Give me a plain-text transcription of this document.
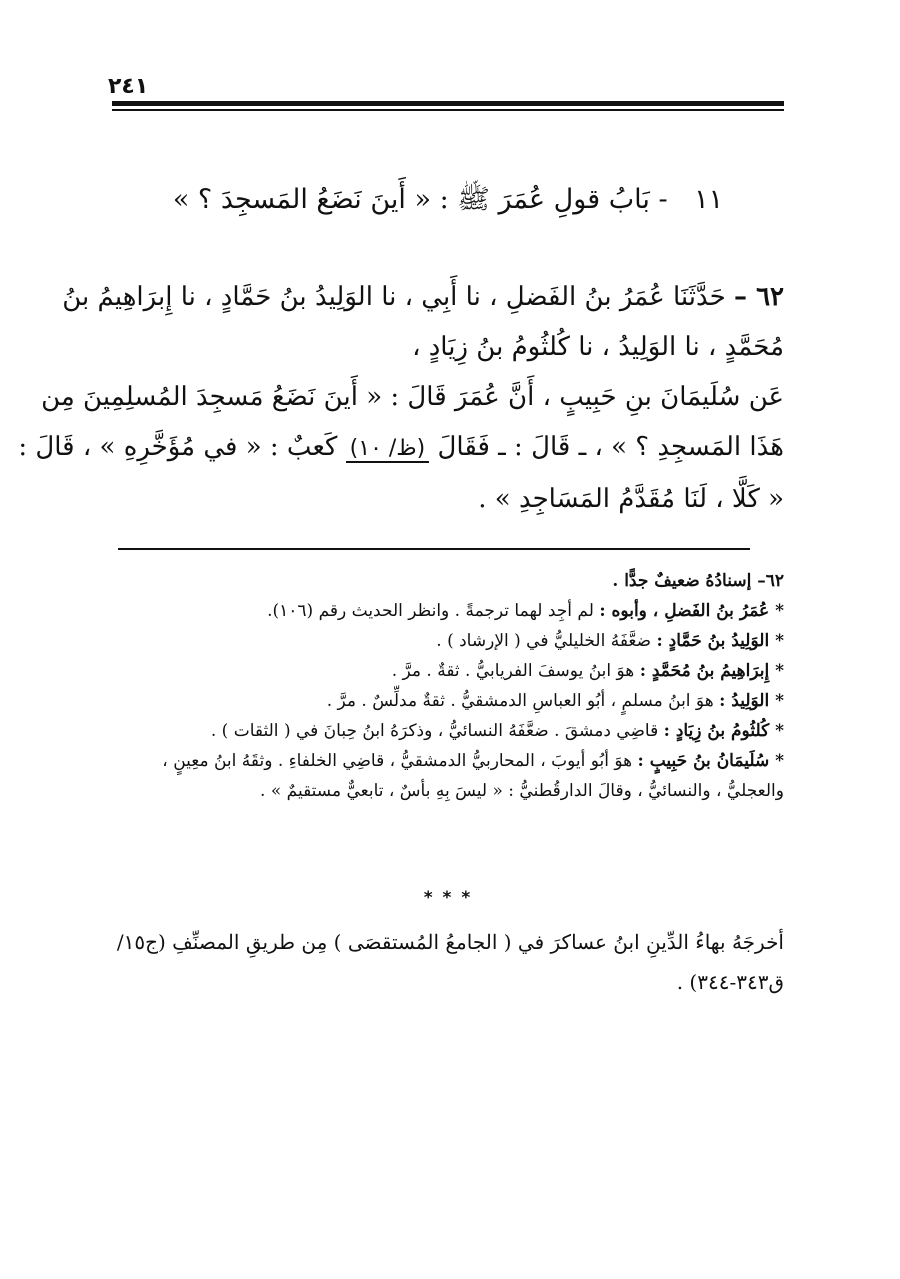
٢٤١
١١ - بَابُ قولِ عُمَرَ ﷺ : « أَينَ نَضَعُ المَسجِدَ ؟ »
٦٢ – حَدَّثَنَا عُمَرُ بنُ الفَضلِ ، نا أَبِي ، نا الوَلِيدُ بنُ حَمَّادٍ ، نا إِبرَاهِيمُ بنُ
مُحَمَّدٍ ، نا الوَلِيدُ ، نا كُلثُومُ بنُ زِيَادٍ ،
عَن سُلَيمَانَ بنِ حَبِيبٍ ، أَنَّ عُمَرَ قَالَ : « أَينَ نَضَعُ مَسجِدَ المُسلِمِينَ مِن
هَذَا المَسجِدِ ؟ » ، ـ قَالَ : ـ فَقَالَ (ظ/ ١٠) كَعبٌ : « في مُؤَخَّرِهِ » ، قَالَ :
« كَلَّا ، لَنَا مُقَدَّمُ المَسَاجِدِ » .
٦٢– إسنادُهُ ضعيفٌ جدًّا .
* عُمَرُ بنُ الفَضلِ ، وأبوه : لم أجِد لهما ترجمةً . وانظر الحديث رقم (١٠٦).
* الوَلِيدُ بنُ حَمَّادٍ : ضعَّفَهُ الخليليُّ في ( الإرشاد ) .
* إِبرَاهِيمُ بنُ مُحَمَّدٍ : هوَ ابنُ يوسفَ الفريابيُّ . ثقةٌ . مرَّ .
* الوَلِيدُ : هوَ ابنُ مسلمٍ ، أبُو العباسِ الدمشقيُّ . ثقةٌ مدلِّسٌ . مرَّ .
* كُلثُومُ بنُ زِيَادٍ : قاضِي دمشقَ . ضعَّفَهُ النسائيُّ ، وذكرَهُ ابنُ حِبانَ في ( الثقات ) .
* سُلَيمَانُ بنُ حَبِيبٍ : هوَ أبُو أيوبَ ، المحاربيُّ الدمشقيُّ ، قاضِي الخلفاءِ . وثقَهُ ابنُ معِينٍ ،
والعجليُّ ، والنسائيُّ ، وقالَ الدارقُطنيُّ : « ليسَ بِهِ بأسٌ ، تابعيٌّ مستقيمٌ » .
* * *
أخرجَهُ بهاءُ الدِّينِ ابنُ عساكرَ في ( الجامعُ المُستقصَى ) مِن طريقِ المصنِّفِ (ج١٥/
ق٣٤٣-٣٤٤) .
